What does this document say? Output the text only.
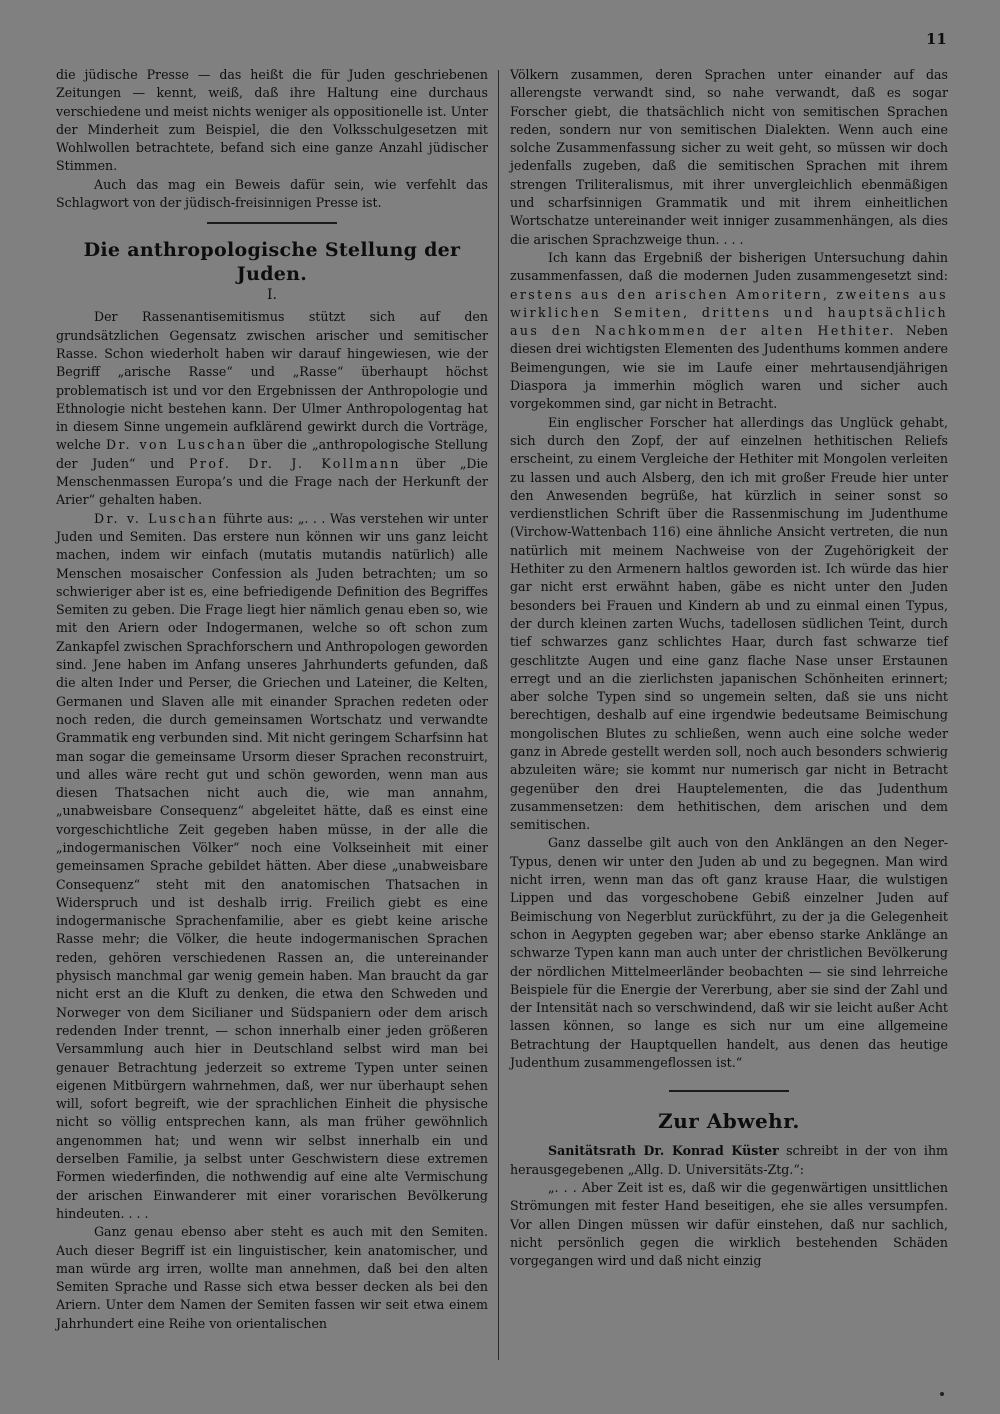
11

die jüdische Presse — das heißt die für Juden geschriebenen Zeitungen — kennt, weiß, daß ihre Haltung eine durchaus verschiedene und meist nichts weniger als oppositionelle ist. Unter der Minderheit zum Beispiel, die den Volksschulgesetzen mit Wohlwollen betrachtete, befand sich eine ganze Anzahl jüdischer Stimmen.

Auch das mag ein Beweis dafür sein, wie verfehlt das Schlagwort von der jüdisch-freisinnigen Presse ist.

Die anthropologische Stellung der Juden.
I.

Der Rassenantisemitismus stützt sich auf den grundsätzlichen Gegensatz zwischen arischer und semitischer Rasse. Schon wiederholt haben wir darauf hingewiesen, wie der Begriff „arische Rasse“ und „Rasse“ überhaupt höchst problematisch ist und vor den Ergebnissen der Anthropologie und Ethnologie nicht bestehen kann. Der Ulmer Anthropologentag hat in diesem Sinne ungemein aufklärend gewirkt durch die Vorträge, welche Dr. von Luschan über die „anthropologische Stellung der Juden“ und Prof. Dr. J. Kollmann über „Die Menschenmassen Europa’s und die Frage nach der Herkunft der Arier“ gehalten haben.

Dr. v. Luschan führte aus: „. . . Was verstehen wir unter Juden und Semiten. Das erstere nun können wir uns ganz leicht machen, indem wir einfach (mutatis mutandis natürlich) alle Menschen mosaischer Confession als Juden betrachten; um so schwieriger aber ist es, eine befriedigende Definition des Begriffes Semiten zu geben. Die Frage liegt hier nämlich genau eben so, wie mit den Ariern oder Indogermanen, welche so oft schon zum Zankapfel zwischen Sprachforschern und Anthropologen geworden sind. Jene haben im Anfang unseres Jahrhunderts gefunden, daß die alten Inder und Perser, die Griechen und Lateiner, die Kelten, Germanen und Slaven alle mit einander Sprachen redeten oder noch reden, die durch gemeinsamen Wortschatz und verwandte Grammatik eng verbunden sind. Mit nicht geringem Scharfsinn hat man sogar die gemeinsame Ursorm dieser Sprachen reconstruirt, und alles wäre recht gut und schön geworden, wenn man aus diesen Thatsachen nicht auch die, wie man annahm, „unabweisbare Consequenz“ abgeleitet hätte, daß es einst eine vorgeschichtliche Zeit gegeben haben müsse, in der alle die „indogermanischen Völker“ noch eine Volkseinheit mit einer gemeinsamen Sprache gebildet hätten. Aber diese „unabweisbare Consequenz“ steht mit den anatomischen Thatsachen in Widerspruch und ist deshalb irrig. Freilich giebt es eine indogermanische Sprachenfamilie, aber es giebt keine arische Rasse mehr; die Völker, die heute indogermanischen Sprachen reden, gehören verschiedenen Rassen an, die untereinander physisch manchmal gar wenig gemein haben. Man braucht da gar nicht erst an die Kluft zu denken, die etwa den Schweden und Norweger von dem Sicilianer und Südspaniern oder dem arisch redenden Inder trennt, — schon innerhalb einer jeden größeren Versammlung auch hier in Deutschland selbst wird man bei genauer Betrachtung jederzeit so extreme Typen unter seinen eigenen Mitbürgern wahrnehmen, daß, wer nur überhaupt sehen will, sofort begreift, wie der sprachlichen Einheit die physische nicht so völlig entsprechen kann, als man früher gewöhnlich angenommen hat; und wenn wir selbst innerhalb ein und derselben Familie, ja selbst unter Geschwistern diese extremen Formen wiederfinden, die nothwendig auf eine alte Vermischung der arischen Einwanderer mit einer vorarischen Bevölkerung hindeuten. . . .

Ganz genau ebenso aber steht es auch mit den Semiten. Auch dieser Begriff ist ein linguistischer, kein anatomischer, und man würde arg irren, wollte man annehmen, daß bei den alten Semiten Sprache und Rasse sich etwa besser decken als bei den Ariern. Unter dem Namen der Semiten fassen wir seit etwa einem Jahrhundert eine Reihe von orientalischen

Völkern zusammen, deren Sprachen unter einander auf das allerengste verwandt sind, so nahe verwandt, daß es sogar Forscher giebt, die thatsächlich nicht von semitischen Sprachen reden, sondern nur von semitischen Dialekten. Wenn auch eine solche Zusammenfassung sicher zu weit geht, so müssen wir doch jedenfalls zugeben, daß die semitischen Sprachen mit ihrem strengen Triliteralismus, mit ihrer unvergleichlich ebenmäßigen und scharfsinnigen Grammatik und mit ihrem einheitlichen Wortschatze untereinander weit inniger zusammenhängen, als dies die arischen Sprachzweige thun. . . .

Ich kann das Ergebniß der bisherigen Untersuchung dahin zusammenfassen, daß die modernen Juden zusammengesetzt sind: erstens aus den arischen Amoritern, zweitens aus wirklichen Semiten, drittens und hauptsächlich aus den Nachkommen der alten Hethiter. Neben diesen drei wichtigsten Elementen des Judenthums kommen andere Beimengungen, wie sie im Laufe einer mehrtausendjährigen Diaspora ja immerhin möglich waren und sicher auch vorgekommen sind, gar nicht in Betracht.

Ein englischer Forscher hat allerdings das Unglück gehabt, sich durch den Zopf, der auf einzelnen hethitischen Reliefs erscheint, zu einem Vergleiche der Hethiter mit Mongolen verleiten zu lassen und auch Alsberg, den ich mit großer Freude hier unter den Anwesenden begrüße, hat kürzlich in seiner sonst so verdienstlichen Schrift über die Rassenmischung im Judenthume (Virchow-Wattenbach 116) eine ähnliche Ansicht vertreten, die nun natürlich mit meinem Nachweise von der Zugehörigkeit der Hethiter zu den Armenern haltlos geworden ist. Ich würde das hier gar nicht erst erwähnt haben, gäbe es nicht unter den Juden besonders bei Frauen und Kindern ab und zu einmal einen Typus, der durch kleinen zarten Wuchs, tadellosen südlichen Teint, durch tief schwarzes ganz schlichtes Haar, durch fast schwarze tief geschlitzte Augen und eine ganz flache Nase unser Erstaunen erregt und an die zierlichsten japanischen Schönheiten erinnert; aber solche Typen sind so ungemein selten, daß sie uns nicht berechtigen, deshalb auf eine irgendwie bedeutsame Beimischung mongolischen Blutes zu schließen, wenn auch eine solche weder ganz in Abrede gestellt werden soll, noch auch besonders schwierig abzuleiten wäre; sie kommt nur numerisch gar nicht in Betracht gegenüber den drei Hauptelementen, die das Judenthum zusammensetzen: dem hethitischen, dem arischen und dem semitischen.

Ganz dasselbe gilt auch von den Anklängen an den Neger-Typus, denen wir unter den Juden ab und zu begegnen. Man wird nicht irren, wenn man das oft ganz krause Haar, die wulstigen Lippen und das vorgeschobene Gebiß einzelner Juden auf Beimischung von Negerblut zurückführt, zu der ja die Gelegenheit schon in Aegypten gegeben war; aber ebenso starke Anklänge an schwarze Typen kann man auch unter der christlichen Bevölkerung der nördlichen Mittelmeerländer beobachten — sie sind lehrreiche Beispiele für die Energie der Vererbung, aber sie sind der Zahl und der Intensität nach so verschwindend, daß wir sie leicht außer Acht lassen können, so lange es sich nur um eine allgemeine Betrachtung der Hauptquellen handelt, aus denen das heutige Judenthum zusammengeflossen ist.“

Zur Abwehr.

Sanitätsrath Dr. Konrad Küster schreibt in der von ihm herausgegebenen „Allg. D. Universitäts-Ztg.“:

„. . . Aber Zeit ist es, daß wir die gegenwärtigen unsittlichen Strömungen mit fester Hand beseitigen, ehe sie alles versumpfen. Vor allen Dingen müssen wir dafür einstehen, daß nur sachlich, nicht persönlich gegen die wirklich bestehenden Schäden vorgegangen wird und daß nicht einzig
